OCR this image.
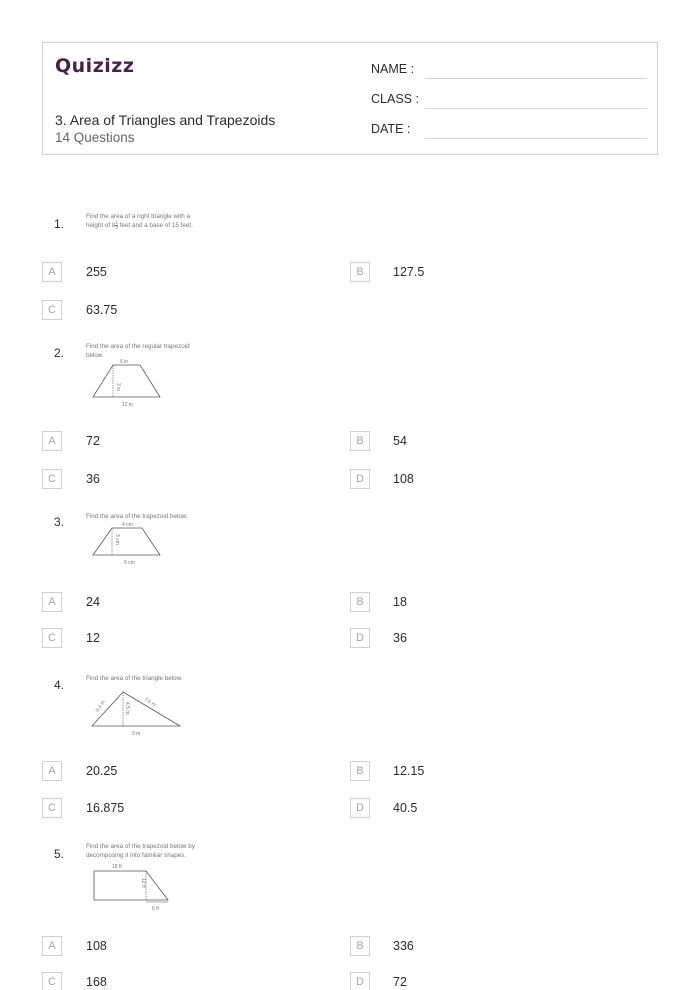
Quizizz
3. Area of Triangles and Trapezoids
14 Questions
NAME :
CLASS :
DATE :
1.
Find the area of a right triangle with a
height of $8 \frac{1}{2}$ feet and a base of 15 feet.
A	255	B	127.5
C	63.75
2.	Find the area of the regular trapezoid
below.
6 in
3 in
12 in
A	72	B	54
C	36	D	108
3.	Find the area of the trapezoid below.
4 cm
3 cm
8 cm
A	24	B	18
C	12	D	36
4.	Find the area of the triangle below.
5.4 m	7.5 m
4.5 m
9 m
A	20.25	B	12.15
C	16.875	D	40.5
5.
Find the area of the trapezoid below by
decomposing it into familiar shapes.
18 ft
12 ft
6 ft
A	108	B	336
C	168	D	72
